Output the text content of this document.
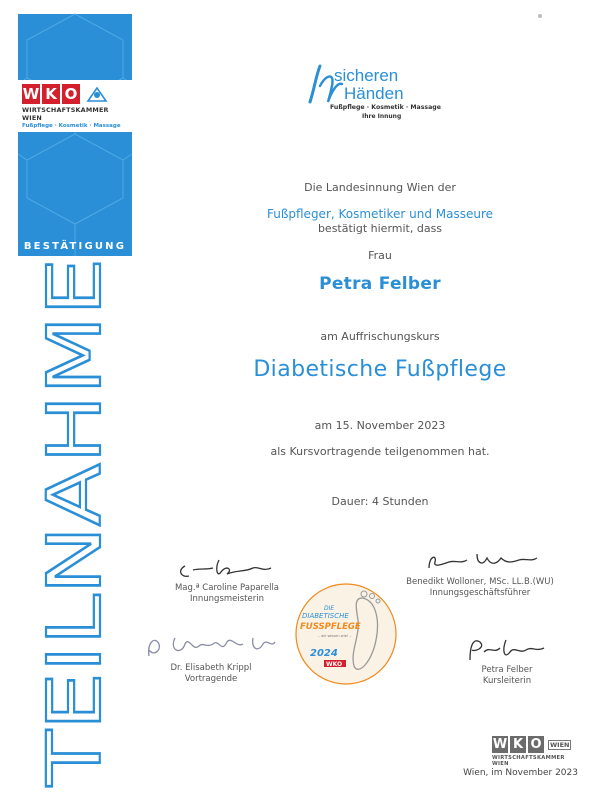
W K O
WIRTSCHAFTSKAMMER WIEN
Fußpflege · Kosmetik · Massage
BESTÄTIGUNG
TEILNAHME
sicheren
Händen
Fußpflege · Kosmetik · Massage
Ihre Innung
Die Landesinnung Wien der
Fußpfleger, Kosmetiker und Masseure
bestätigt hiermit, dass
Frau
Petra Felber
am Auffrischungskurs
Diabetische Fußpflege
am 15. November 2023
als Kursvortragende teilgenommen hat.
Dauer: 4 Stunden
Mag.ª Caroline Paparella
Innungsmeisterin
Benedikt Wolloner, MSc. LL.B.(WU)
Innungsgeschäftsführer
Dr. Elisabeth Krippl
Vortragende
Petra Felber
Kursleiterin
DIE
DIABETISCHE
FUSSPFLEGE
– wir wissen wie! –
2024
WKO
W K O	WIEN
WIRTSCHAFTSKAMMER WIEN
Wien, im November 2023
